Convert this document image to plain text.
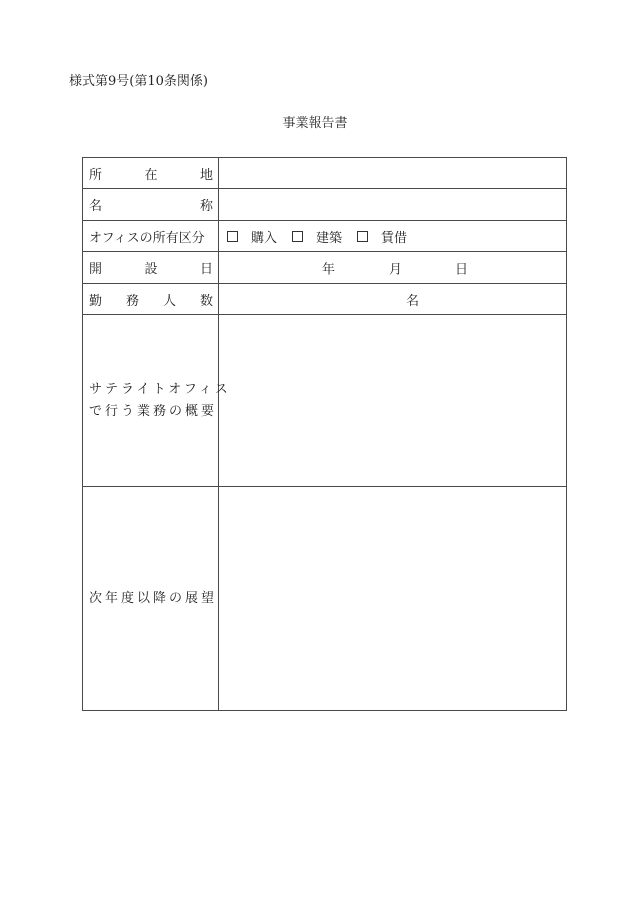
様式第9号(第10条関係)
事業報告書
所 在 地	

名 称	

オフィスの所有区分	購入 建築 賃借

開 設 日	年 月 日

勤 務 人 数	名

サテライトオフィス
で行う業務の概要	

次年度以降の展望	
